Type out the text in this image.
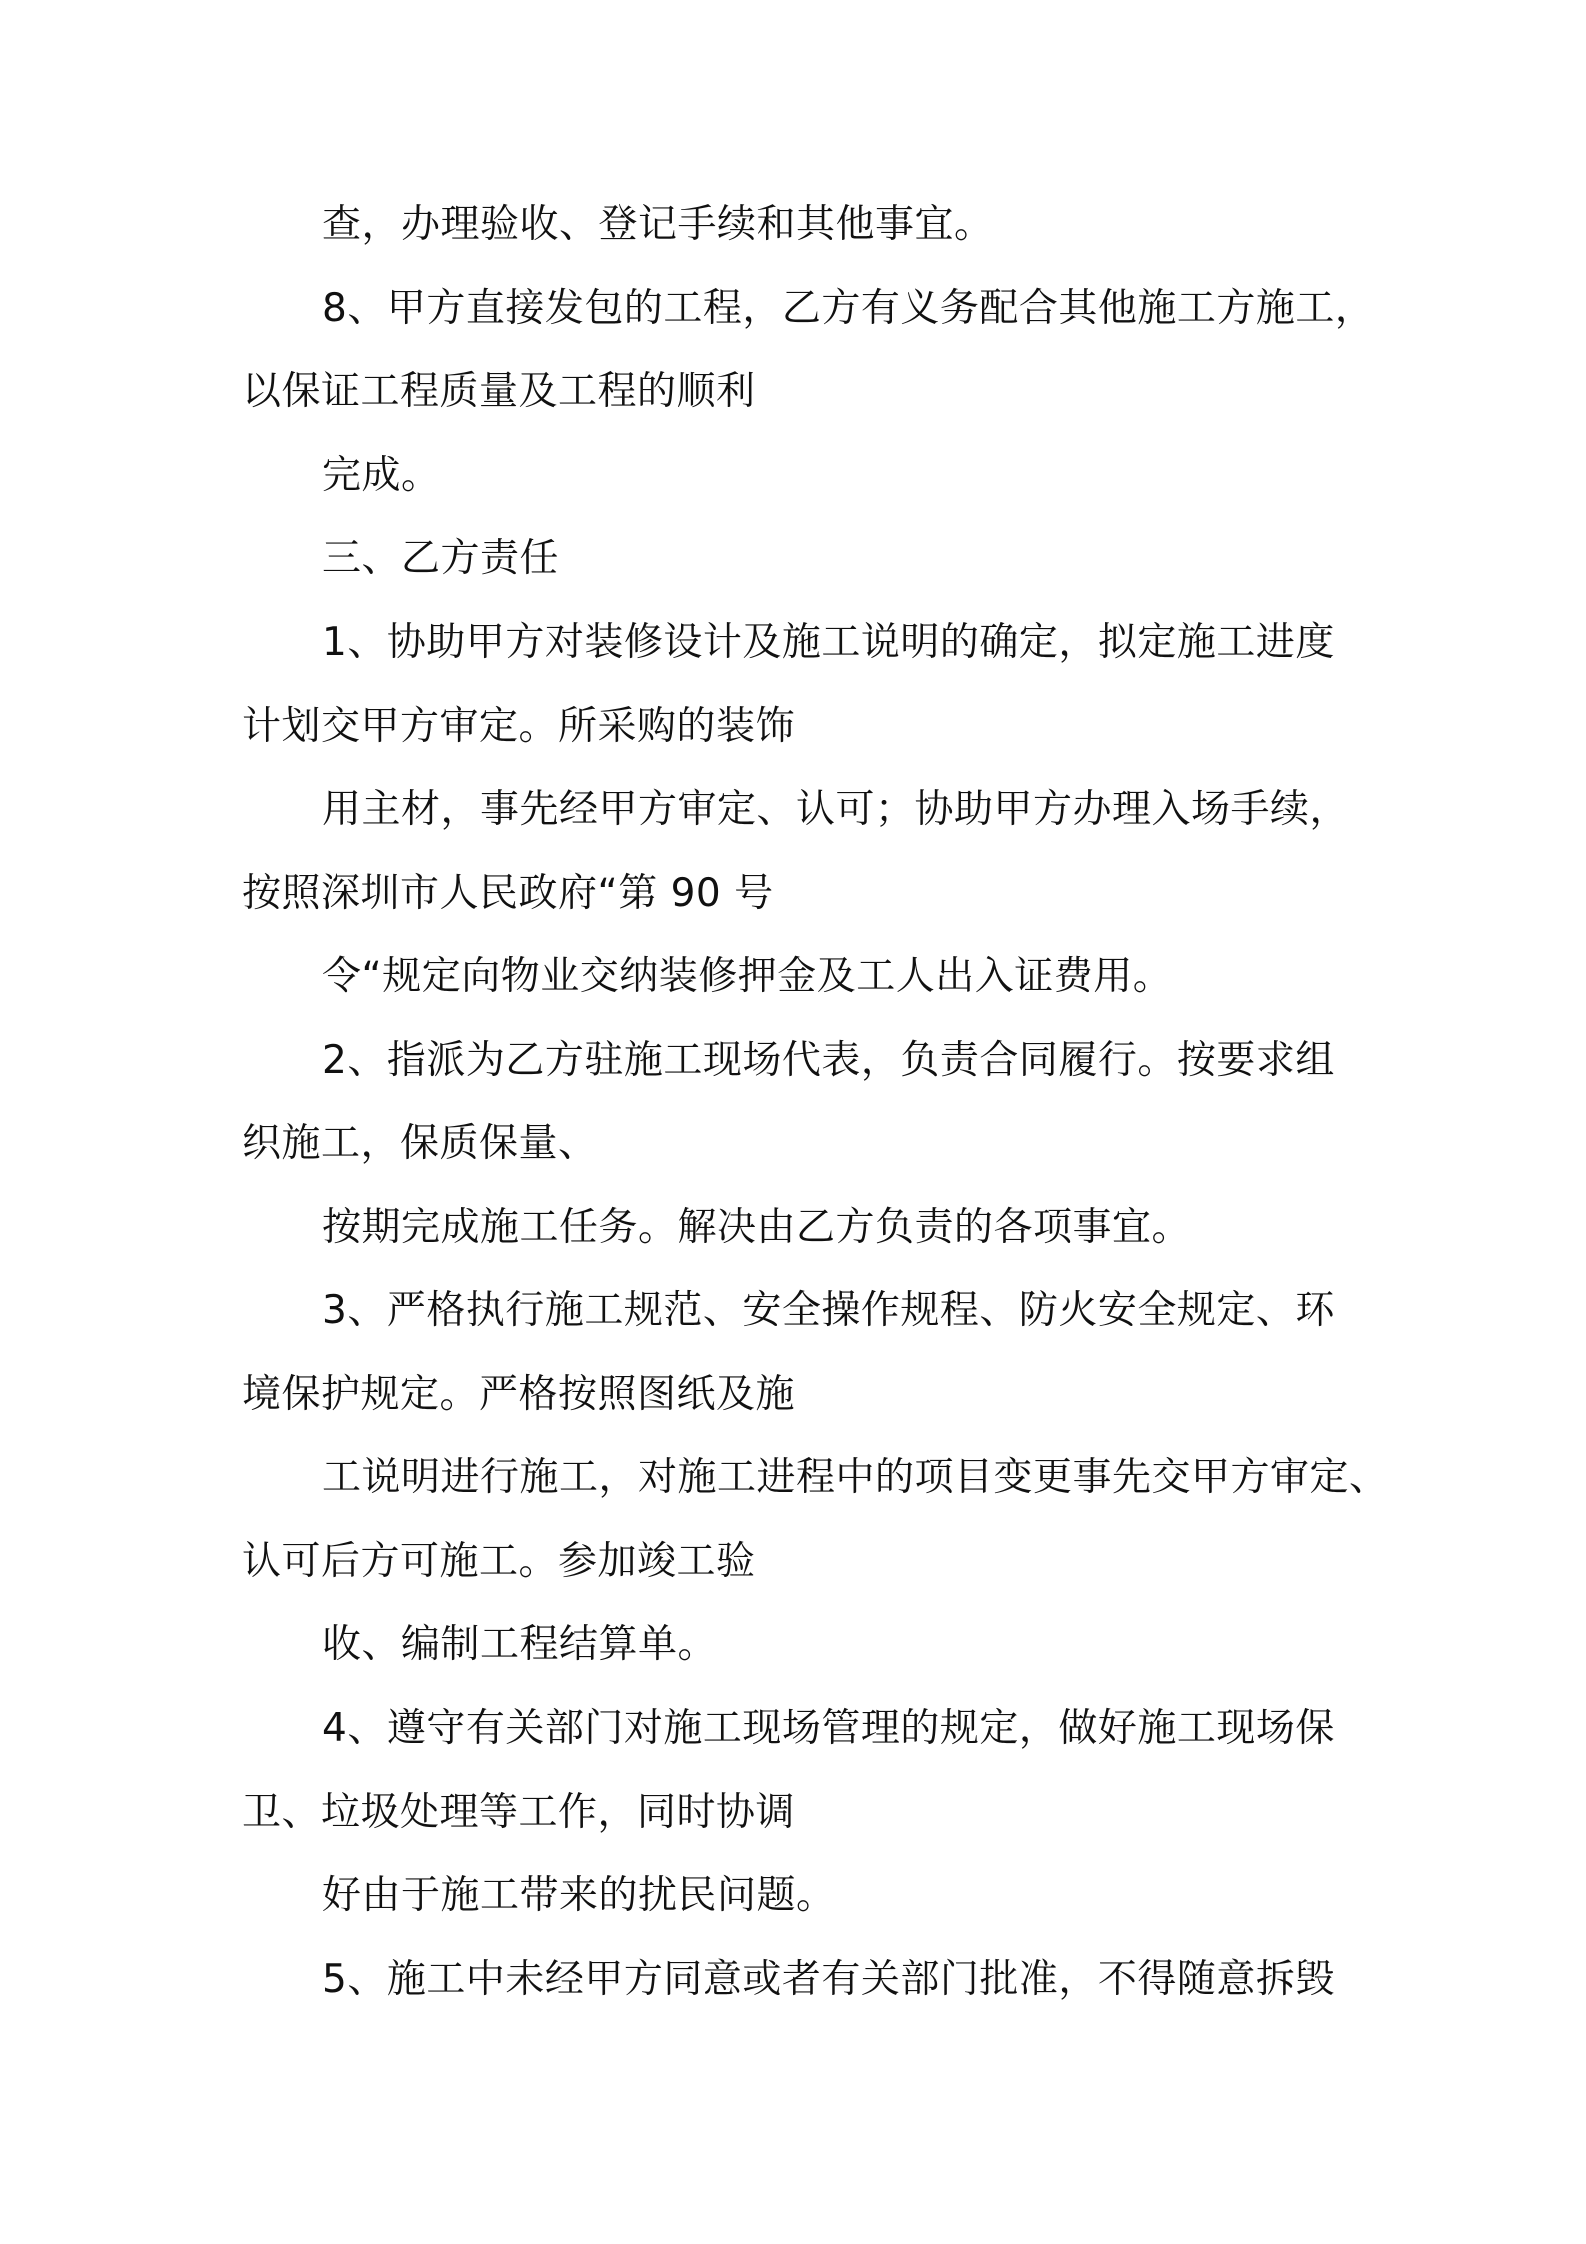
查，办理验收、登记手续和其他事宜。
8、甲方直接发包的工程，乙方有义务配合其他施工方施工，
以保证工程质量及工程的顺利
完成。
三、乙方责任
1、协助甲方对装修设计及施工说明的确定，拟定施工进度
计划交甲方审定。所采购的装饰
用主材，事先经甲方审定、认可；协助甲方办理入场手续，
按照深圳市人民政府“第 90 号
令“规定向物业交纳装修押金及工人出入证费用。
2、指派为乙方驻施工现场代表，负责合同履行。按要求组
织施工，保质保量、
按期完成施工任务。解决由乙方负责的各项事宜。
3、严格执行施工规范、安全操作规程、防火安全规定、环
境保护规定。严格按照图纸及施
工说明进行施工，对施工进程中的项目变更事先交甲方审定、
认可后方可施工。参加竣工验
收、编制工程结算单。
4、遵守有关部门对施工现场管理的规定，做好施工现场保
卫、垃圾处理等工作，同时协调
好由于施工带来的扰民问题。
5、施工中未经甲方同意或者有关部门批准，不得随意拆毁
